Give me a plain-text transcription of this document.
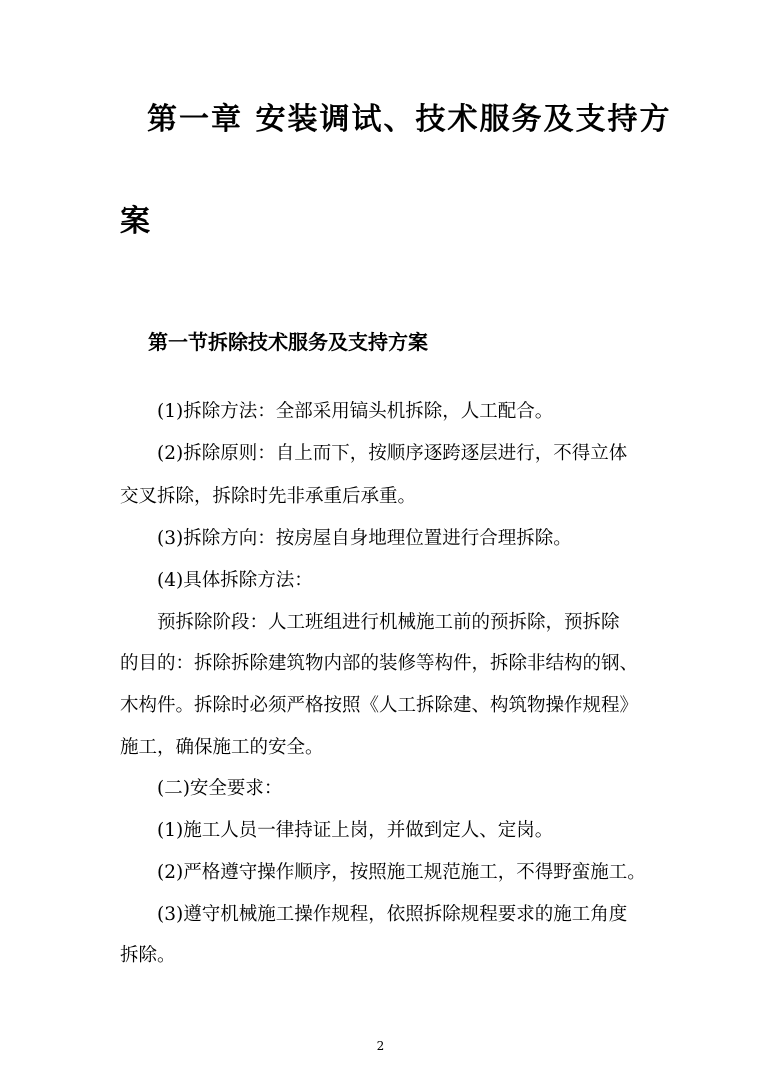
第一章 安装调试、技术服务及支持方
案
第一节拆除技术服务及支持方案
(1)拆除方法：全部采用镐头机拆除，人工配合。
(2)拆除原则：自上而下，按顺序逐跨逐层进行，不得立体
交叉拆除，拆除时先非承重后承重。
(3)拆除方向：按房屋自身地理位置进行合理拆除。
(4)具体拆除方法：
预拆除阶段：人工班组进行机械施工前的预拆除，预拆除
的目的：拆除拆除建筑物内部的装修等构件，拆除非结构的钢、
木构件。拆除时必须严格按照《人工拆除建、构筑物操作规程》
施工，确保施工的安全。
(二)安全要求：
(1)施工人员一律持证上岗，并做到定人、定岗。
(2)严格遵守操作顺序，按照施工规范施工，不得野蛮施工。
(3)遵守机械施工操作规程，依照拆除规程要求的施工角度
拆除。
2
